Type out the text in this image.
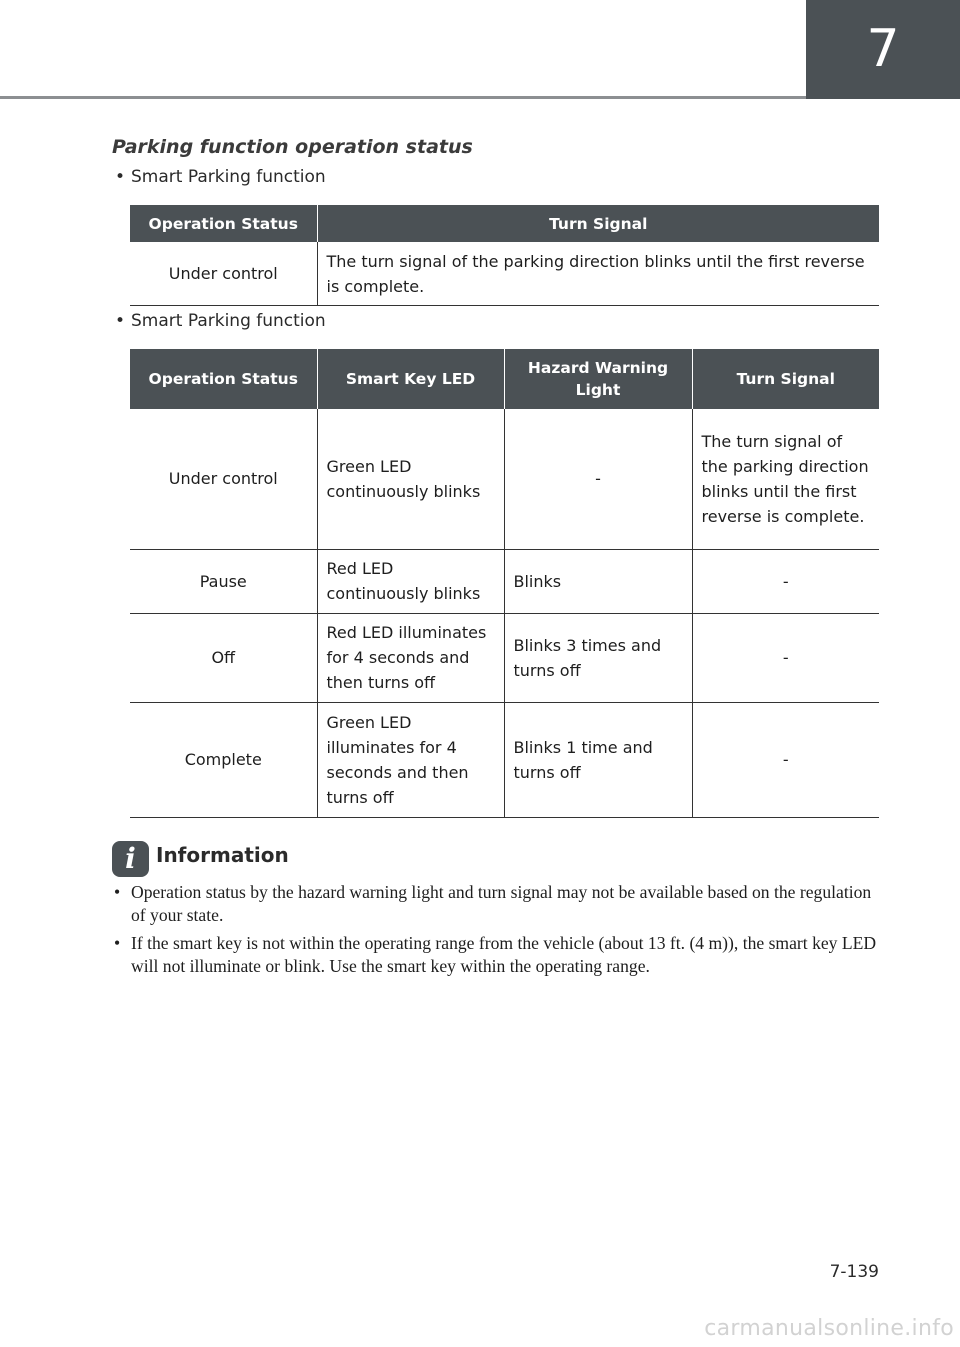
7
Parking function operation status
• Smart Parking function
Operation Status	Turn Signal
Under control	The turn signal of the parking direction blinks until the first reverse is complete.
• Smart Parking function
Operation Status	Smart Key LED	Hazard Warning Light	Turn Signal
Under control	Green LED continuously blinks	-	The turn signal of the parking direction blinks until the first reverse is complete.
Pause	Red LED continuously blinks	Blinks	-
Off	Red LED illuminates for 4 seconds and then turns off	Blinks 3 times and turns off	-
Complete	Green LED illuminates for 4 seconds and then turns off	Blinks 1 time and turns off	-
i	Information
• Operation status by the hazard warning light and turn signal may not be available based on the regulation of your state.
• If the smart key is not within the operating range from the vehicle (about 13 ft. (4 m)), the smart key LED will not illuminate or blink. Use the smart key within the operating range.
7-139
carmanualsonline.info
